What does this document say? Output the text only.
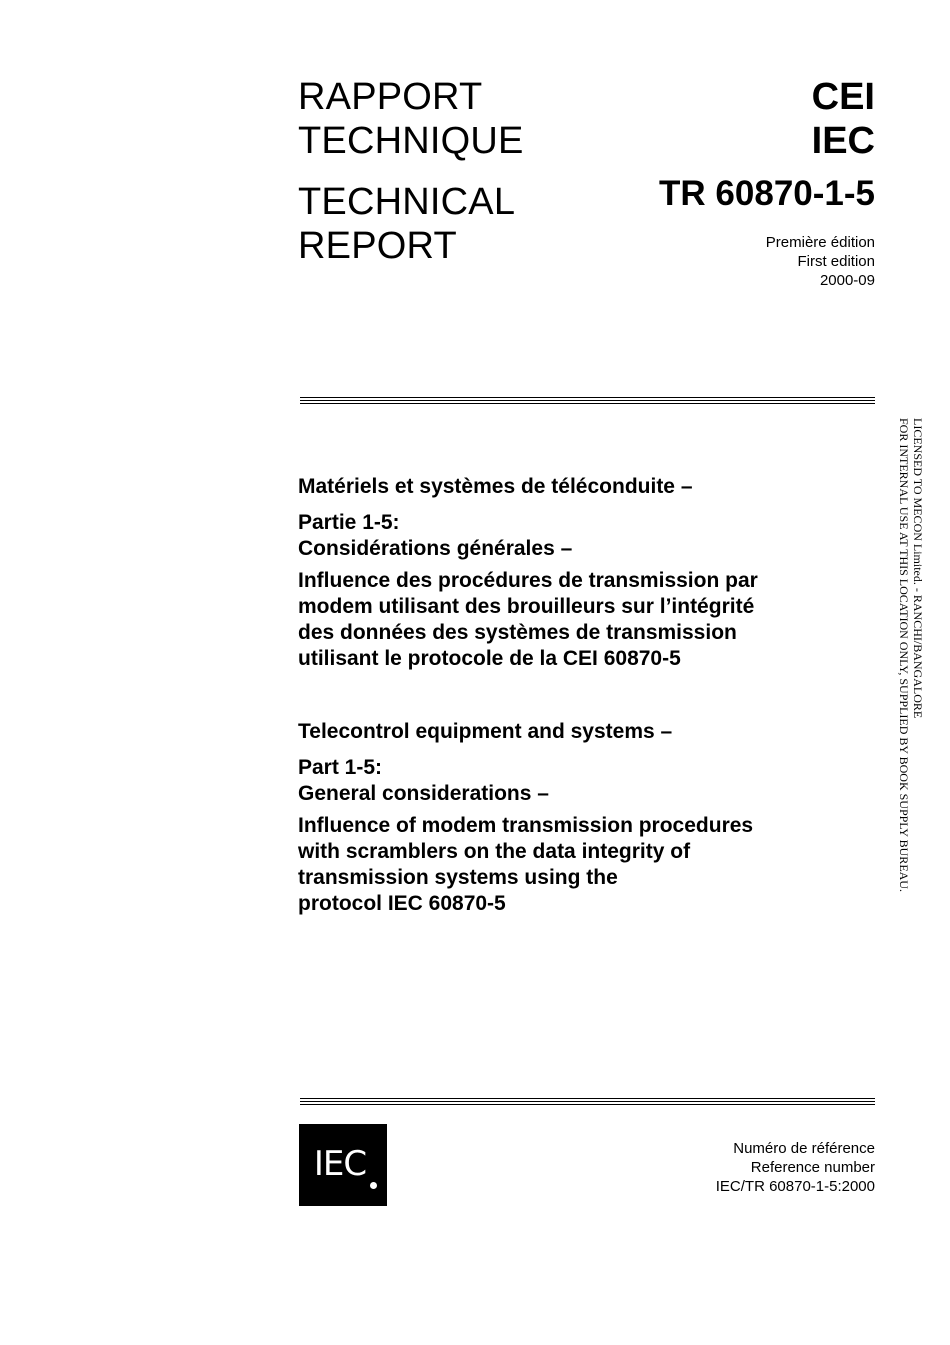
RAPPORT
TECHNIQUE
TECHNICAL
REPORT
CEI
IEC
TR 60870-1-5
Première édition
First edition
2000-09
Matériels et systèmes de téléconduite –
Partie 1-5:
Considérations générales –
Influence des procédures de transmission par
modem utilisant des brouilleurs sur l’intégrité
des données des systèmes de transmission
utilisant le protocole de la CEI 60870-5
Telecontrol equipment and systems –
Part 1-5:
General considerations –
Influence of modem transmission procedures
with scramblers on the data integrity of
transmission systems using the
protocol IEC 60870-5
IEC	Numéro de référence
Reference number
IEC/TR 60870-1-5:2000
LICENSED TO MECON Limited. - RANCHI/BANGALORE
FOR INTERNAL USE AT THIS LOCATION ONLY, SUPPLIED BY BOOK SUPPLY BUREAU.
